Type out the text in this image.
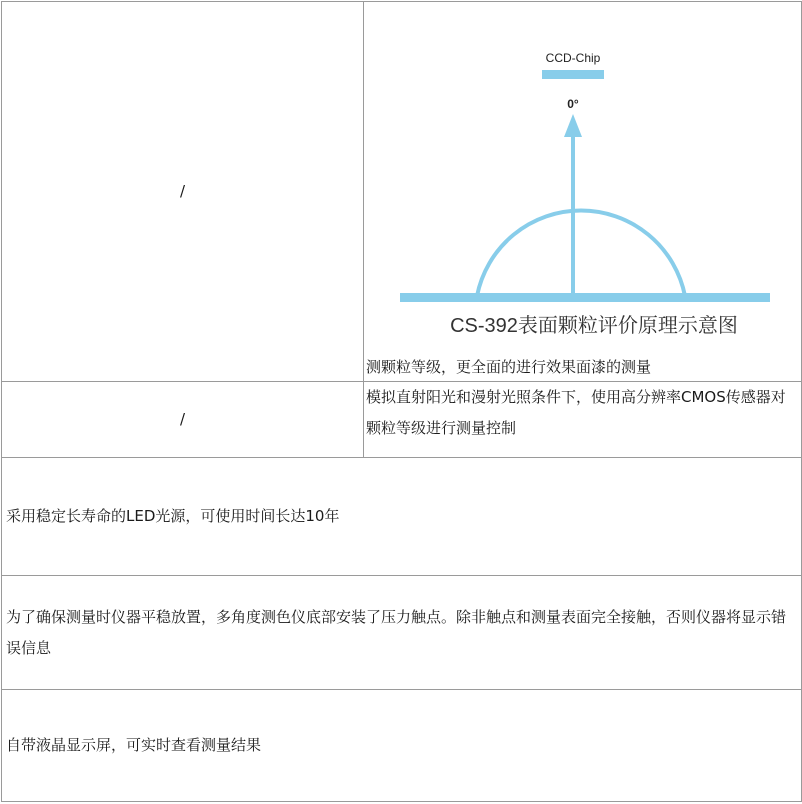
/	CCD-Chip
0°
CS-392表面颗粒评价原理示意图
测颗粒等级，更全面的进行效果面漆的测量

/	模拟直射阳光和漫射光照条件下，使用高分辨率CMOS传感器对颗粒等级进行测量控制

采用稳定长寿命的LED光源，可使用时间长达10年	

为了确保测量时仪器平稳放置，多角度测色仪底部安装了压力触点。除非触点和测量表面完全接触，否则仪器将显示错误信息	

自带液晶显示屏，可实时查看测量结果	
